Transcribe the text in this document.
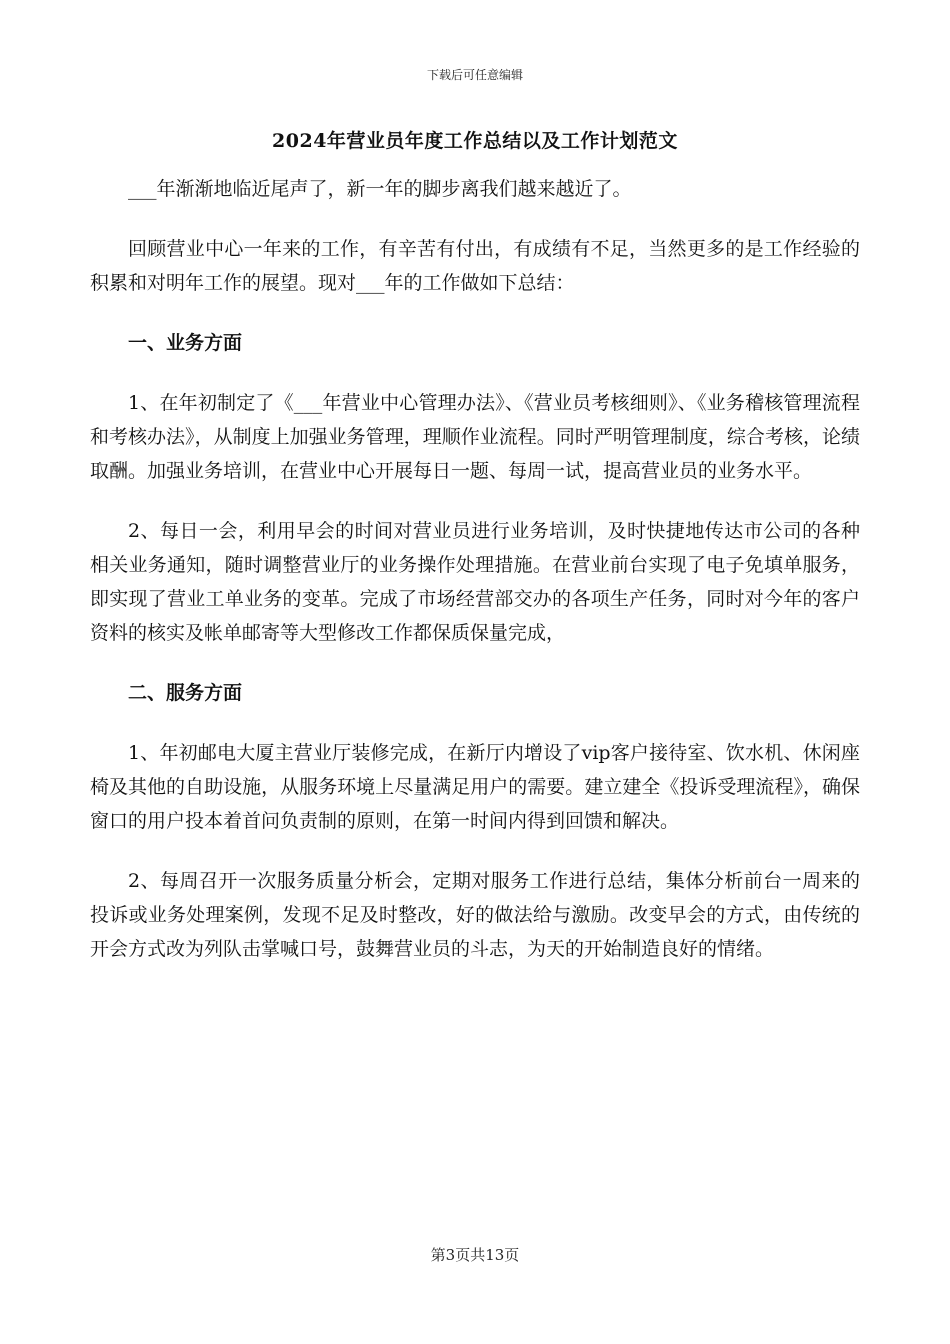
下载后可任意编辑
2024年营业员年度工作总结以及工作计划范文

___年渐渐地临近尾声了，新一年的脚步离我们越来越近了。

回顾营业中心一年来的工作，有辛苦有付出，有成绩有不足，当然更多的是工作经验的积累和对明年工作的展望。现对___年的工作做如下总结：

一、业务方面

1、在年初制定了《___年营业中心管理办法》、《营业员考核细则》、《业务稽核管理流程和考核办法》，从制度上加强业务管理，理顺作业流程。同时严明管理制度，综合考核，论绩取酬。加强业务培训，在营业中心开展每日一题、每周一试，提高营业员的业务水平。

2、每日一会，利用早会的时间对营业员进行业务培训，及时快捷地传达市公司的各种相关业务通知，随时调整营业厅的业务操作处理措施。在营业前台实现了电子免填单服务，即实现了营业工单业务的变革。完成了市场经营部交办的各项生产任务，同时对今年的客户资料的核实及帐单邮寄等大型修改工作都保质保量完成，

二、服务方面

1、年初邮电大厦主营业厅装修完成，在新厅内增设了vip客户接待室、饮水机、休闲座椅及其他的自助设施，从服务环境上尽量满足用户的需要。建立建全《投诉受理流程》，确保窗口的用户投本着首问负责制的原则，在第一时间内得到回馈和解决。

2、每周召开一次服务质量分析会，定期对服务工作进行总结，集体分析前台一周来的投诉或业务处理案例，发现不足及时整改，好的做法给与激励。改变早会的方式，由传统的开会方式改为列队击掌喊口号，鼓舞营业员的斗志，为天的开始制造良好的情绪。

第3页共13页
